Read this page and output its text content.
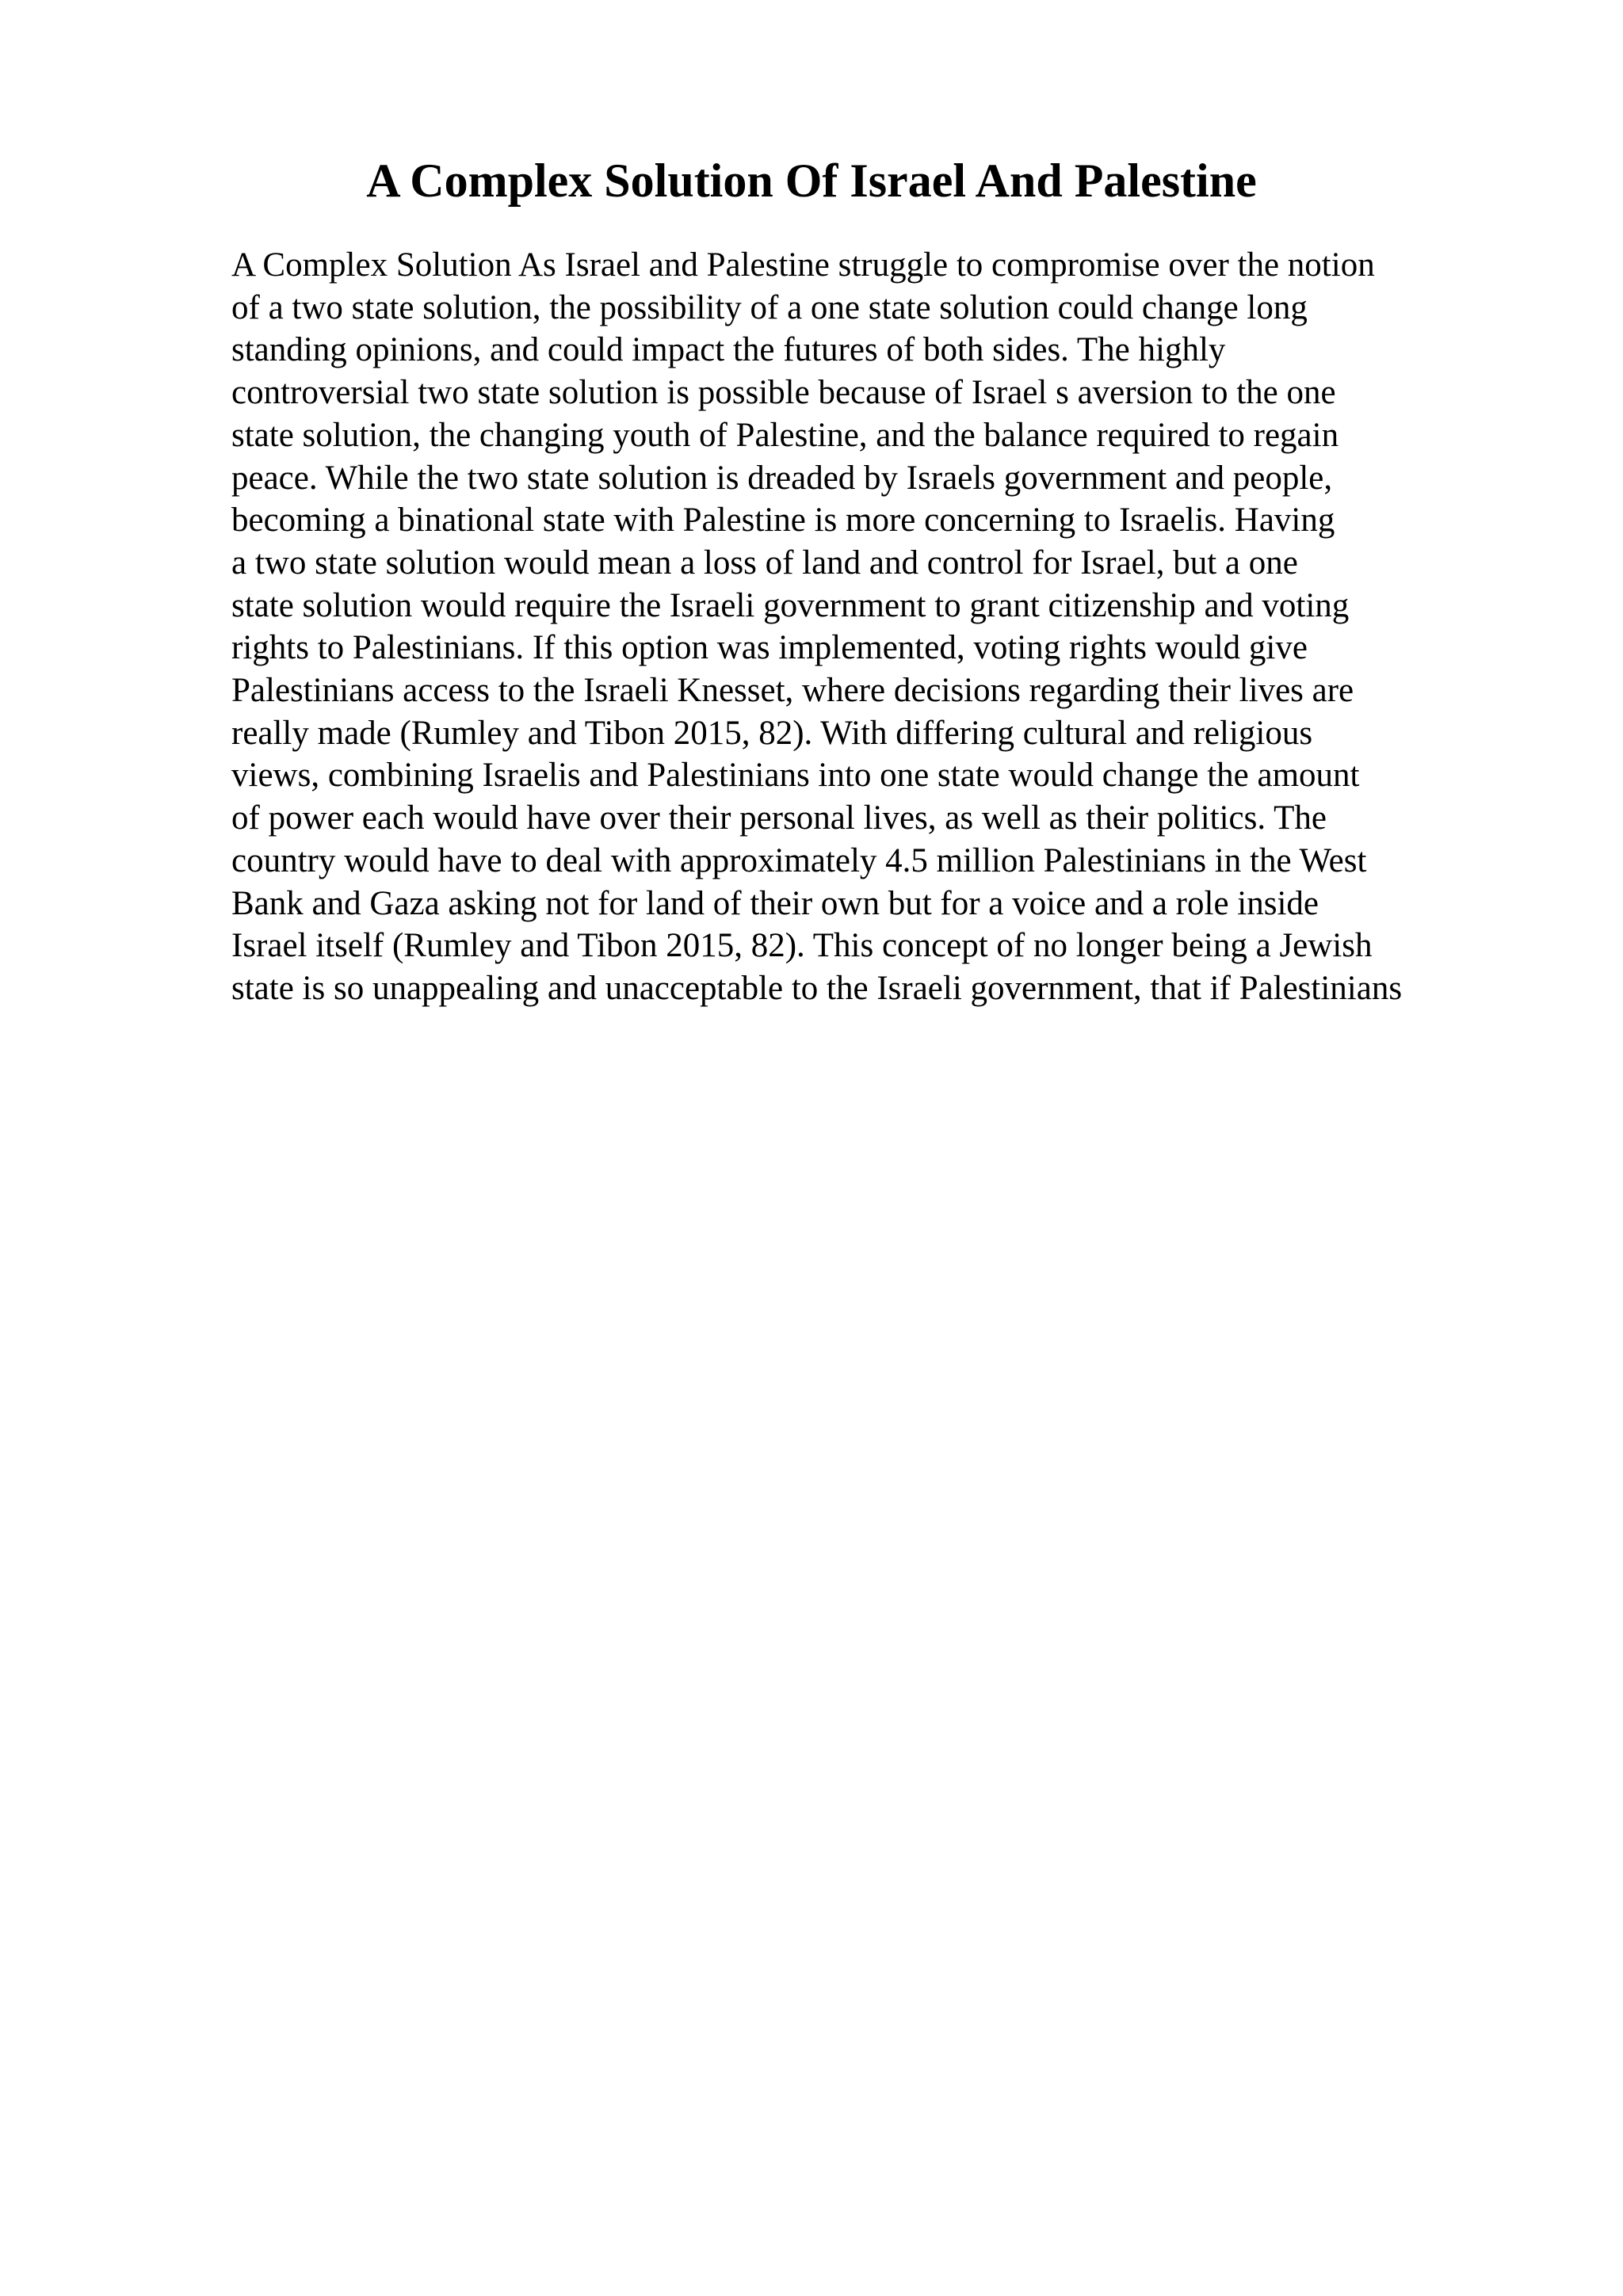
A Complex Solution Of Israel And Palestine
A Complex Solution As Israel and Palestine struggle to compromise over the notion
of a two state solution, the possibility of a one state solution could change long
standing opinions, and could impact the futures of both sides. The highly
controversial two state solution is possible because of Israel s aversion to the one
state solution, the changing youth of Palestine, and the balance required to regain
peace. While the two state solution is dreaded by Israels government and people,
becoming a binational state with Palestine is more concerning to Israelis. Having
a two state solution would mean a loss of land and control for Israel, but a one
state solution would require the Israeli government to grant citizenship and voting
rights to Palestinians. If this option was implemented, voting rights would give
Palestinians access to the Israeli Knesset, where decisions regarding their lives are
really made (Rumley and Tibon 2015, 82). With differing cultural and religious
views, combining Israelis and Palestinians into one state would change the amount
of power each would have over their personal lives, as well as their politics. The
country would have to deal with approximately 4.5 million Palestinians in the West
Bank and Gaza asking not for land of their own but for a voice and a role inside
Israel itself (Rumley and Tibon 2015, 82). This concept of no longer being a Jewish
state is so unappealing and unacceptable to the Israeli government, that if Palestinians
